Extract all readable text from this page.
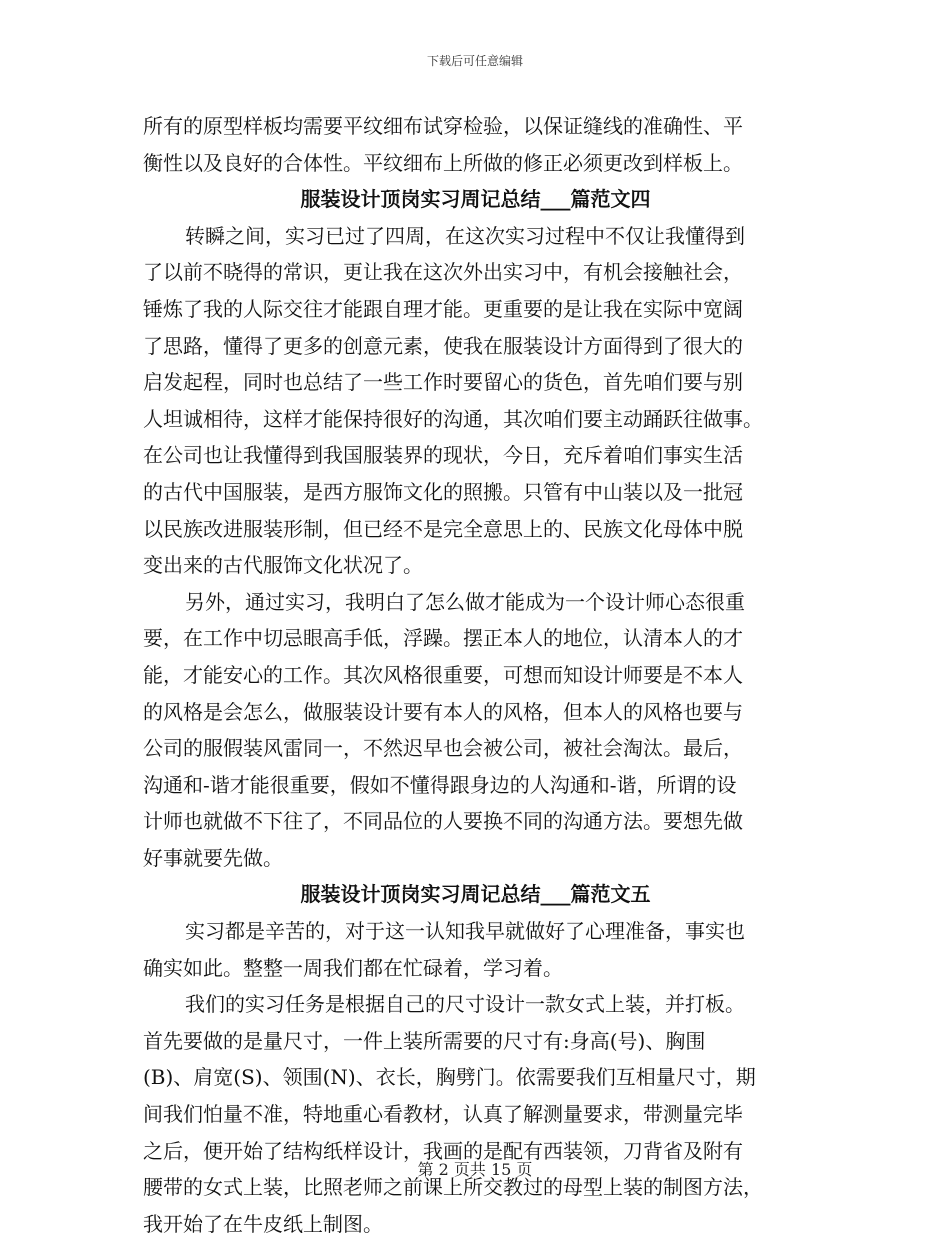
下载后可任意编辑
所有的原型样板均需要平纹细布试穿检验，以保证缝线的准确性、平
衡性以及良好的合体性。平纹细布上所做的修正必须更改到样板上。
服装设计顶岗实习周记总结___篇范文四
转瞬之间，实习已过了四周，在这次实习过程中不仅让我懂得到
了以前不晓得的常识，更让我在这次外出实习中，有机会接触社会，
锤炼了我的人际交往才能跟自理才能。更重要的是让我在实际中宽阔
了思路，懂得了更多的创意元素，使我在服装设计方面得到了很大的
启发起程，同时也总结了一些工作时要留心的货色，首先咱们要与别
人坦诚相待，这样才能保持很好的沟通，其次咱们要主动踊跃往做事。
在公司也让我懂得到我国服装界的现状，今日，充斥着咱们事实生活
的古代中国服装，是西方服饰文化的照搬。只管有中山装以及一批冠
以民族改进服装形制，但已经不是完全意思上的、民族文化母体中脱
变出来的古代服饰文化状况了。
另外，通过实习，我明白了怎么做才能成为一个设计师心态很重
要，在工作中切忌眼高手低，浮躁。摆正本人的地位，认清本人的才
能，才能安心的工作。其次风格很重要，可想而知设计师要是不本人
的风格是会怎么，做服装设计要有本人的风格，但本人的风格也要与
公司的服假装风雷同一，不然迟早也会被公司，被社会淘汰。最后，
沟通和-谐才能很重要，假如不懂得跟身边的人沟通和-谐，所谓的设
计师也就做不下往了，不同品位的人要换不同的沟通方法。要想先做
好事就要先做。
服装设计顶岗实习周记总结___篇范文五
实习都是辛苦的，对于这一认知我早就做好了心理准备，事实也
确实如此。整整一周我们都在忙碌着，学习着。
我们的实习任务是根据自己的尺寸设计一款女式上装，并打板。
首先要做的是量尺寸，一件上装所需要的尺寸有:身高(号)、胸围
(B)、肩宽(S)、领围(N)、衣长，胸劈门。依需要我们互相量尺寸，期
间我们怕量不准，特地重心看教材，认真了解测量要求，带测量完毕
之后，便开始了结构纸样设计，我画的是配有西装领，刀背省及附有
腰带的女式上装，比照老师之前课上所交教过的母型上装的制图方法，
我开始了在牛皮纸上制图。
第 2 页共 15 页
